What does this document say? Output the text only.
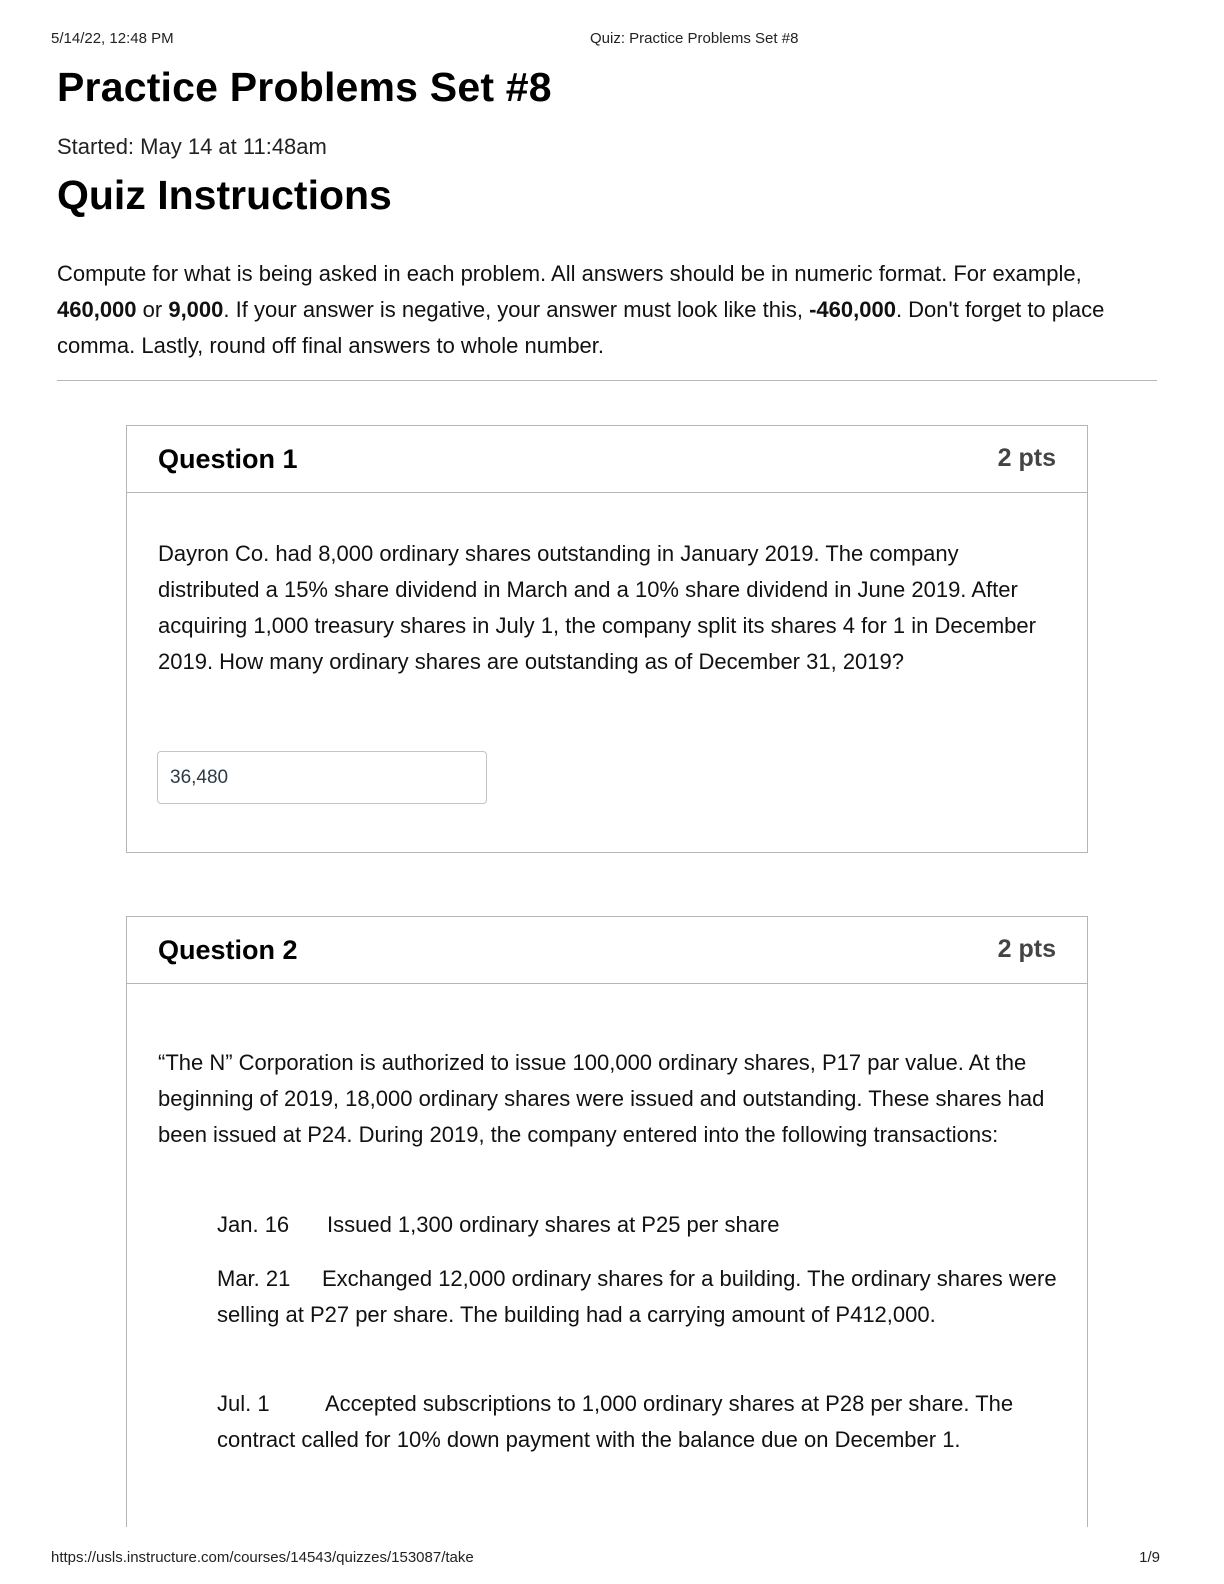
5/14/22, 12:48 PM	Quiz: Practice Problems Set #8
Practice Problems Set #8
Started: May 14 at 11:48am
Quiz Instructions

Compute for what is being asked in each problem. All answers should be in numeric format. For example, 460,000 or 9,000. If your answer is negative, your answer must look like this, -460,000. Don't forget to place comma. Lastly, round off final answers to whole number.

Question 1	2 pts

Dayron Co. had 8,000 ordinary shares outstanding in January 2019. The company distributed a 15% share dividend in March and a 10% share dividend in June 2019. After acquiring 1,000 treasury shares in July 1, the company split its shares 4 for 1 in December 2019. How many ordinary shares are outstanding as of December 31, 2019?

36,480
Question 2	2 pts

“The N” Corporation is authorized to issue 100,000 ordinary shares, P17 par value. At the beginning of 2019, 18,000 ordinary shares were issued and outstanding. These shares had been issued at P24. During 2019, the company entered into the following transactions:

Jan. 16 Issued 1,300 ordinary shares at P25 per share
Mar. 21 Exchanged 12,000 ordinary shares for a building. The ordinary shares were selling at P27 per share. The building had a carrying amount of P412,000.
Jul. 1	Accepted subscriptions to 1,000 ordinary shares at P28 per share. The contract called for 10% down payment with the balance due on December 1.
https://usls.instructure.com/courses/14543/quizzes/153087/take	1/9
